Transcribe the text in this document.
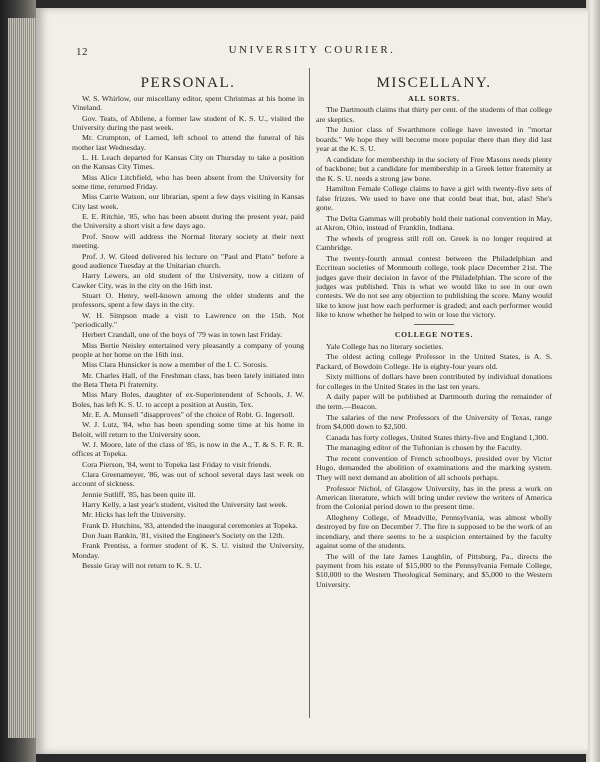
12	UNIVERSITY COURIER.
PERSONAL.

W. S. Whirlow, our miscellany editor, spent Christmas at his home in Vineland.

Gov. Teats, of Abilene, a former law student of K. S. U., visited the University during the past week.

Mr. Crumpton, of Larned, left school to attend the funeral of his mother last Wednesday.

L. H. Leach departed for Kansas City on Thursday to take a position on the Kansas City Times.

Miss Alice Litchfield, who has been absent from the University for some time, returned Friday.

Miss Carrie Watson, our librarian, spent a few days visiting in Kansas City last week.

E. E. Ritchie, '85, who has been absent during the present year, paid the University a short visit a few days ago.

Prof. Snow will address the Normal literary society at their next meeting.

Prof. J. W. Gleed delivered his lecture on "Paul and Plato" before a good audience Tuesday at the Unitarian church.

Harry Lewers, an old student of the University, now a citizen of Cawker City, was in the city on the 16th inst.

Stuart O. Henry, well-known among the older students and the professors, spent a few days in the city.

W. H. Simpson made a visit to Lawrence on the 15th. Not "periodically."

Herbert Crandall, one of the boys of '79 was in town last Friday.

Miss Bertie Neisley entertained very pleasantly a company of young people at her home on the 16th inst.

Miss Clara Hunsicker is now a member of the I. C. Sorosis.

Mr. Charles Hall, of the Freshman class, has been lately initiated into the Beta Theta Pi fraternity.

Miss Mary Boles, daughter of ex-Superintendent of Schools, J. W. Boles, has left K. S. U. to accept a position at Austin, Tex.

Mr. E. A. Munsell "disapproves" of the choice of Robt. G. Ingersoll.

W. J. Lutz, '84, who has been spending some time at his home in Beloit, will return to the University soon.

W. J. Moore, late of the class of '85, is now in the A., T. & S. F. R. R. offices at Topeka.

Cora Pierson, '84, went to Topeka last Friday to visit friends.

Clara Greenameyer, '86, was out of school several days last week on account of sickness.

Jennie Sutliff, '85, has been quite ill.

Harry Kelly, a last year's student, visited the University last week.

Mr. Hicks has left the University.

Frank D. Hutchins, '83, attended the inaugural ceremonies at Topeka.

Don Juan Rankin, '81, visited the Engineer's Society on the 12th.

Frank Prentiss, a former student of K. S. U. visited the University, Monday.

Bessie Gray will not return to K. S. U.

MISCELLANY.
ALL SORTS.

The Dartmouth claims that thirty per cent. of the students of that college are skeptics.

The Junior class of Swarthmore college have invested in "mortar boards." We hope they will become more popular there than they did last year at the K. S. U.

A candidate for membership in the society of Free Masons needs plenty of backbone; but a candidate for membership in a Greek letter fraternity at the K. S. U. needs a strong jaw bone.

Hamilton Female College claims to have a girl with twenty-five sets of false frizzes. We used to have one that could beat that, but, alas! She's gone.

The Delta Gammas will probably hold their national convention in May, at Akron, Ohio, instead of Franklin, Indiana.

The wheels of progress still roll on. Greek is no longer required at Cambridge.

The twenty-fourth annual contest between the Philadelphian and Eccritean societies of Monmouth college, took place December 21st. The judges gave their decision in favor of the Philadelphian. The score of the judges was published. This is what we would like to see in our own contests. We do not see any objection to publishing the score. Many would like to know just how each performer is graded; and each performer would like to know whether he helped to win or lose the victory.

COLLEGE NOTES.

Yale College has no literary societies.

The oldest acting college Professor in the United States, is A. S. Packard, of Bowdoin College. He is eighty-four years old.

Sixty millions of dollars have been contributed by individual donations for colleges in the United States in the last ten years.

A daily paper will be published at Dartmouth during the remainder of the term.—Beacon.

The salaries of the new Professors of the University of Texas, range from $4,000 down to $2,500.

Canada has forty colleges, United States thirty-five and England 1,300.

The managing editor of the Tuftonian is chosen by the Faculty.

The recent convention of French schoolboys, presided over by Victor Hugo, demanded the abolition of examinations and the marking system. They will next demand an abolition of all schools perhaps.

Professor Nichol, of Glasgow University, has in the press a work on American literature, which will bring under review the writers of America from the Colonial period down to the present time.

Allegheny College, of Meadville, Pennsylvania, was almost wholly destroyed by fire on December 7. The fire is supposed to be the work of an incendiary, and there seems to be a suspicion entertained by the faculty against some of the students.

The will of the late James Laughlin, of Pittsburg, Pa., directs the payment from his estate of $15,000 to the Pennsylvania Female College, $10,000 to the Western Theological Seminary, and $5,000 to the Western University.
